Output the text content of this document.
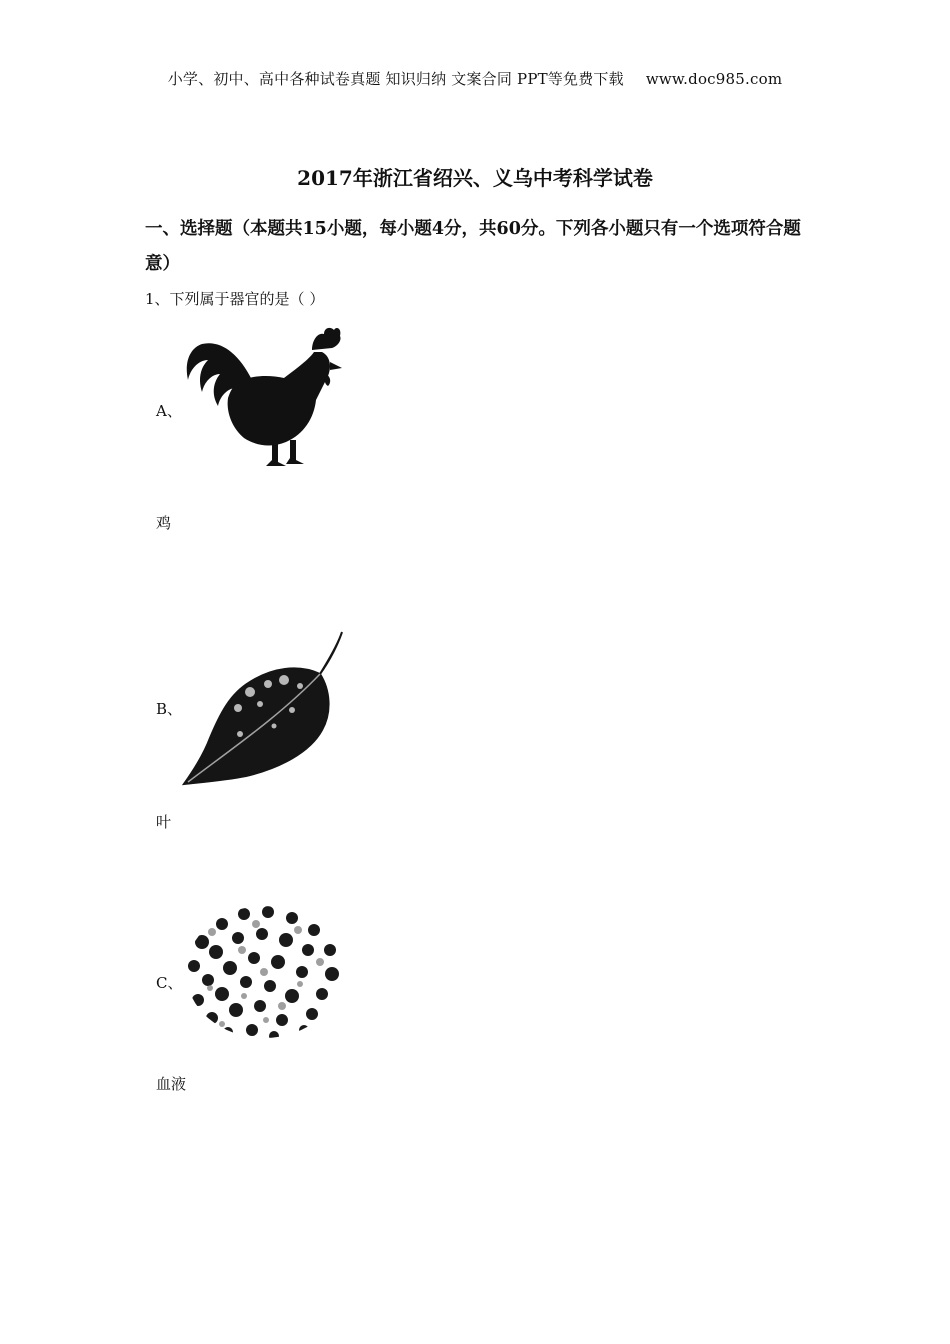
小学、初中、高中各种试卷真题 知识归纳 文案合同 PPT等免费下载 www.doc985.com
2017年浙江省绍兴、义乌中考科学试卷
一、选择题（本题共15小题，每小题4分，共60分。下列各小题只有一个选项符合题意）
1、下列属于器官的是（ ）
A、
鸡
B、
叶
C、
血液
